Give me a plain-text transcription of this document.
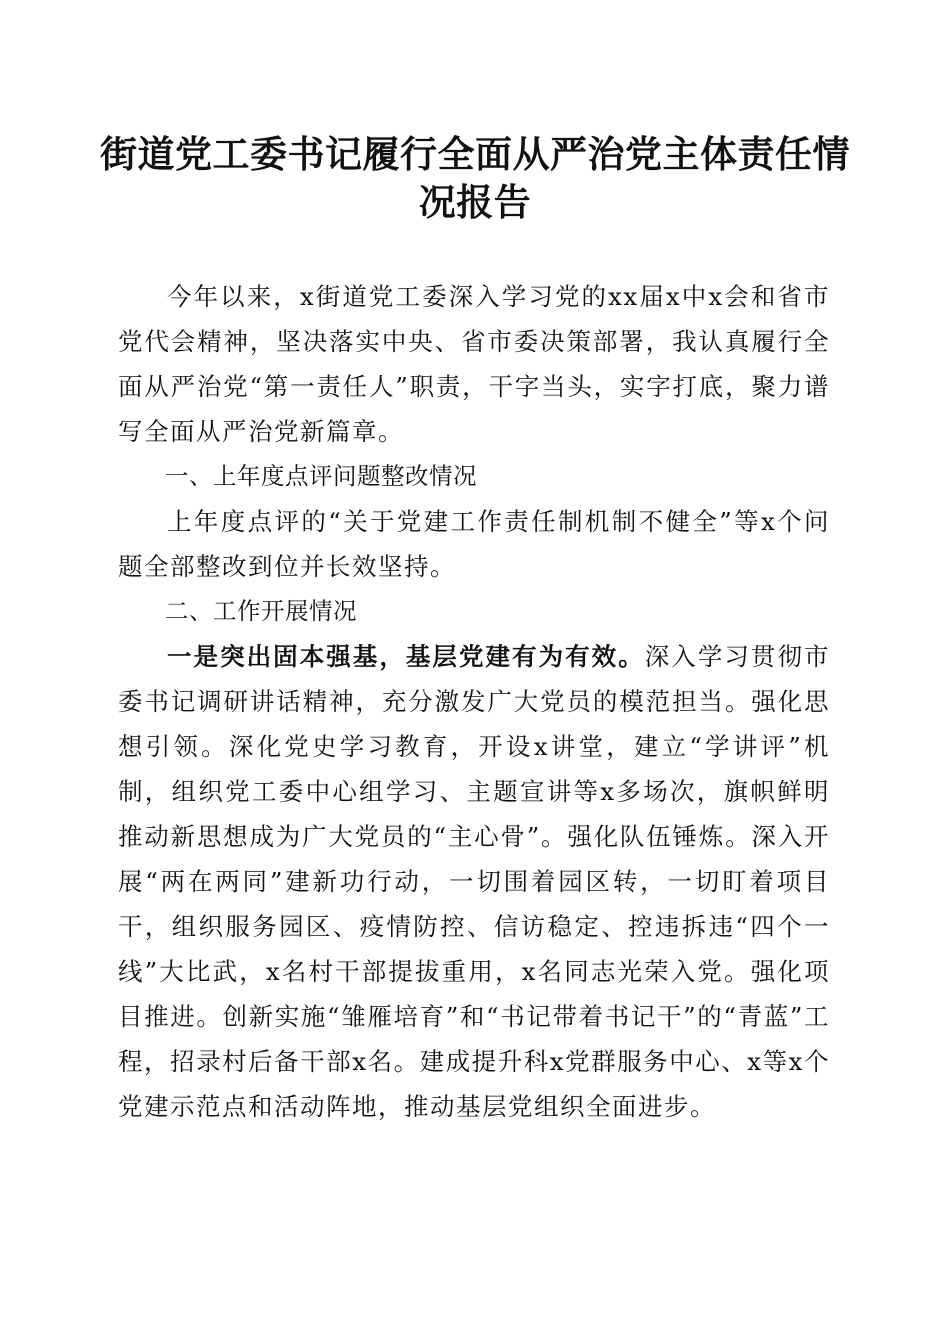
街道党工委书记履行全面从严治党主体责任情况报告

今年以来，x街道党工委深入学习党的xx届x中x会和省市党代会精神，坚决落实中央、省市委决策部署，我认真履行全面从严治党“第一责任人”职责，干字当头，实字打底，聚力谱写全面从严治党新篇章。

一、上年度点评问题整改情况

上年度点评的“关于党建工作责任制机制不健全”等x个问题全部整改到位并长效坚持。

二、工作开展情况

一是突出固本强基，基层党建有为有效。深入学习贯彻市委书记调研讲话精神，充分激发广大党员的模范担当。强化思想引领。深化党史学习教育，开设x讲堂，建立“学讲评”机制，组织党工委中心组学习、主题宣讲等x多场次，旗帜鲜明推动新思想成为广大党员的“主心骨”。强化队伍锤炼。深入开展“两在两同”建新功行动，一切围着园区转，一切盯着项目干，组织服务园区、疫情防控、信访稳定、控违拆违“四个一线”大比武，x名村干部提拔重用，x名同志光荣入党。强化项目推进。创新实施“雏雁培育”和“书记带着书记干”的“青蓝”工程，招录村后备干部x名。建成提升科x党群服务中心、x等x个党建示范点和活动阵地，推动基层党组织全面进步。
